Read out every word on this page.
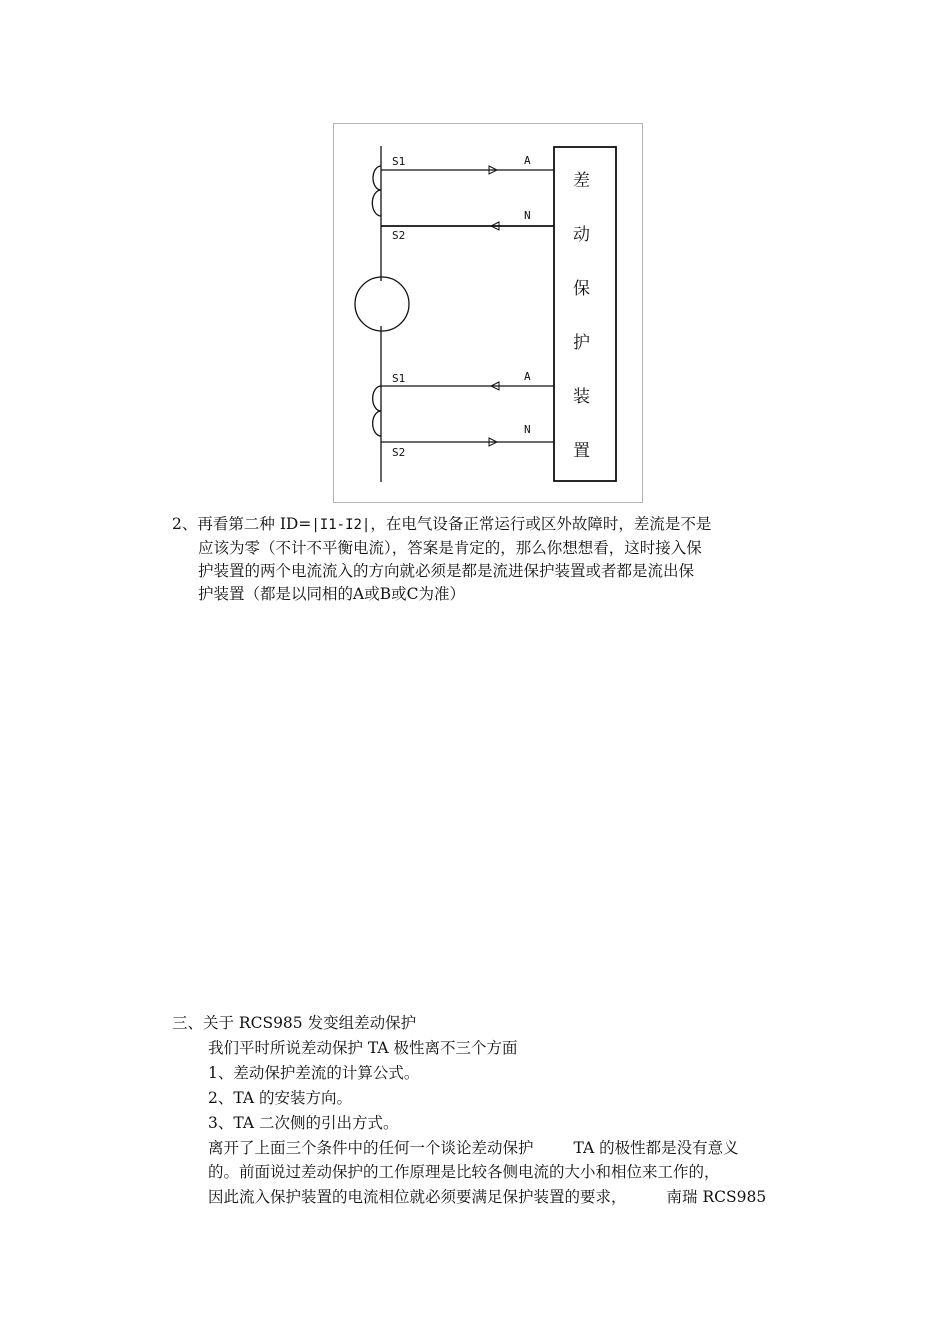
S1
S2
A
N
S1
S2
A
N
差
动
保
护
装
置
2、再看第二种 ID=|I1-I2|，在电气设备正常运行或区外故障时，差流是不是
应该为零（不计不平衡电流），答案是肯定的，那么你想想看，这时接入保
护装置的两个电流流入的方向就必须是都是流进保护装置或者都是流出保
护装置（都是以同相的A或B或C为准）
三、关于 RCS985 发变组差动保护
我们平时所说差动保护 TA 极性离不三个方面
1、差动保护差流的计算公式。
2、TA 的安装方向。
3、TA 二次侧的引出方式。
离开了上面三个条件中的任何一个谈论差动保护	TA 的极性都是没有意义
的。前面说过差动保护的工作原理是比较各侧电流的大小和相位来工作的，
因此流入保护装置的电流相位就必须要满足保护装置的要求，	南瑞 RCS985
